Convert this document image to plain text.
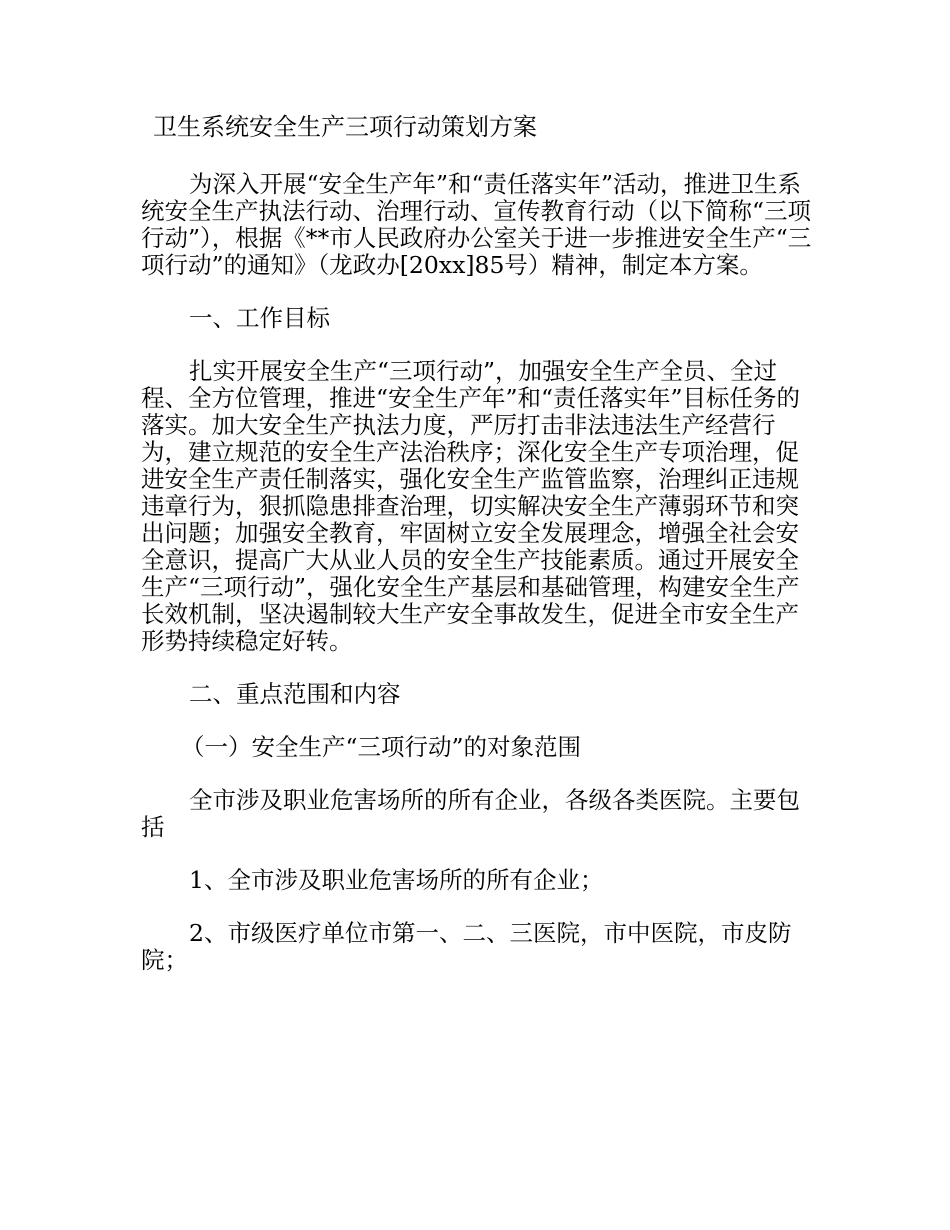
卫生系统安全生产三项行动策划方案

为深入开展“安全生产年”和“责任落实年”活动，推进卫生系统安全生产执法行动、治理行动、宣传教育行动（以下简称“三项行动”），根据《**市人民政府办公室关于进一步推进安全生产“三项行动”的通知》（龙政办[20xx]85号）精神，制定本方案。

一、工作目标

扎实开展安全生产“三项行动”，加强安全生产全员、全过程、全方位管理，推进“安全生产年”和“责任落实年”目标任务的落实。加大安全生产执法力度，严厉打击非法违法生产经营行为，建立规范的安全生产法治秩序；深化安全生产专项治理，促进安全生产责任制落实，强化安全生产监管监察，治理纠正违规违章行为，狠抓隐患排查治理，切实解决安全生产薄弱环节和突出问题；加强安全教育，牢固树立安全发展理念，增强全社会安全意识，提高广大从业人员的安全生产技能素质。通过开展安全生产“三项行动”，强化安全生产基层和基础管理，构建安全生产长效机制，坚决遏制较大生产安全事故发生，促进全市安全生产形势持续稳定好转。

二、重点范围和内容

（一）安全生产“三项行动”的对象范围

全市涉及职业危害场所的所有企业，各级各类医院。主要包括

1、全市涉及职业危害场所的所有企业；

2、市级医疗单位市第一、二、三医院，市中医院，市皮防院；
